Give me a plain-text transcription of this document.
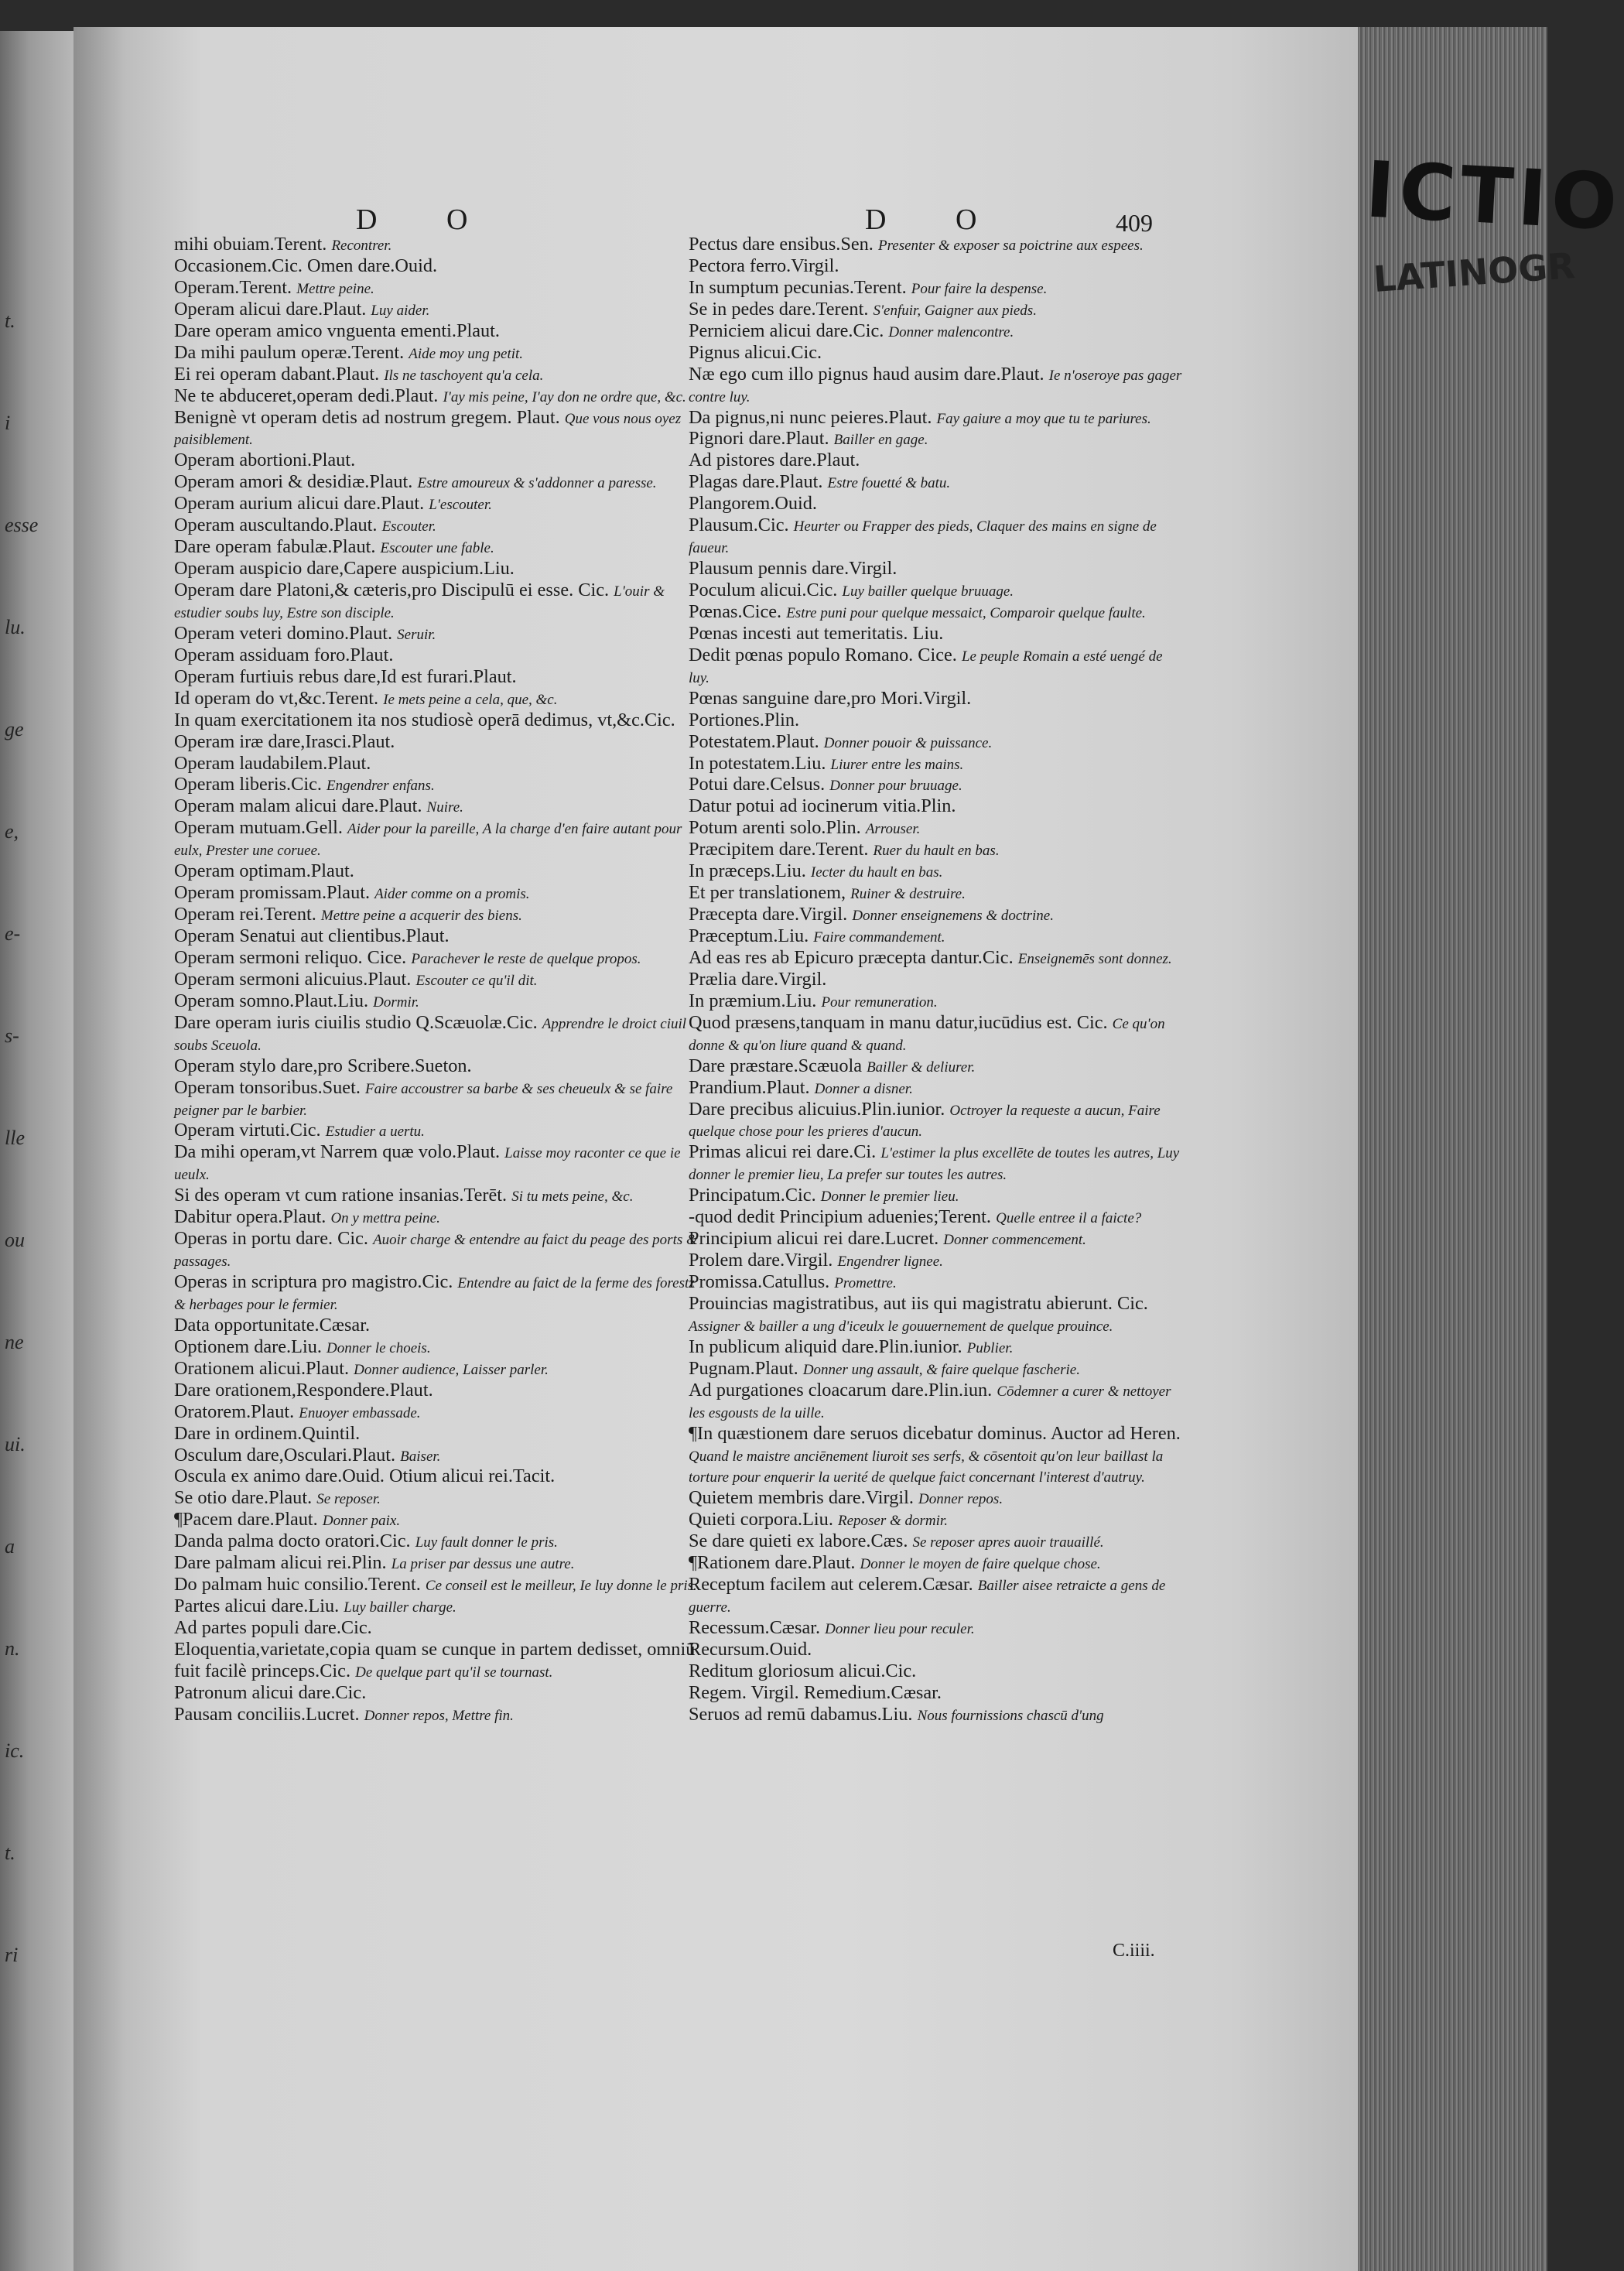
t.
i
esse
lu.
ge
e,
e-
s-
lle
ou
ne
ui.
a
n.
ic.
t.
ri
ICTIO
LATINOGR
D O	D O	409

mihi obuiam.Terent. Recontrer.

Occasionem.Cic. Omen dare.Ouid.

Operam.Terent. Mettre peine.

Operam alicui dare.Plaut. Luy aider.

Dare operam amico vnguenta ementi.Plaut.

Da mihi paulum operæ.Terent. Aide moy ung petit.

Ei rei operam dabant.Plaut. Ils ne taschoyent qu'a cela.

Ne te abduceret,operam dedi.Plaut. I'ay mis peine, I'ay don ne ordre que, &c.

Benignè vt operam detis ad nostrum gregem. Plaut. Que vous nous oyez paisiblement.

Operam abortioni.Plaut.

Operam amori & desidiæ.Plaut. Estre amoureux & s'addonner a paresse.

Operam aurium alicui dare.Plaut. L'escouter.

Operam auscultando.Plaut. Escouter.

Dare operam fabulæ.Plaut. Escouter une fable.

Operam auspicio dare,Capere auspicium.Liu.

Operam dare Platoni,& cæteris,pro Discipulū ei esse. Cic. L'ouir & estudier soubs luy, Estre son disciple.

Operam veteri domino.Plaut. Seruir.

Operam assiduam foro.Plaut.

Operam furtiuis rebus dare,Id est furari.Plaut.

Id operam do vt,&c.Terent. Ie mets peine a cela, que, &c.

In quam exercitationem ita nos studiosè operā dedimus, vt,&c.Cic. Operam iræ dare,Irasci.Plaut.

Operam laudabilem.Plaut.

Operam liberis.Cic. Engendrer enfans.

Operam malam alicui dare.Plaut. Nuire.

Operam mutuam.Gell. Aider pour la pareille, A la charge d'en faire autant pour eulx, Prester une coruee.

Operam optimam.Plaut.

Operam promissam.Plaut. Aider comme on a promis.

Operam rei.Terent. Mettre peine a acquerir des biens.

Operam Senatui aut clientibus.Plaut.

Operam sermoni reliquo. Cice. Parachever le reste de quelque propos.

Operam sermoni alicuius.Plaut. Escouter ce qu'il dit.

Operam somno.Plaut.Liu. Dormir.

Dare operam iuris ciuilis studio Q.Scæuolæ.Cic. Apprendre le droict ciuil soubs Sceuola.

Operam stylo dare,pro Scribere.Sueton.

Operam tonsoribus.Suet. Faire accoustrer sa barbe & ses cheueulx & se faire peigner par le barbier.

Operam virtuti.Cic. Estudier a uertu.

Da mihi operam,vt Narrem quæ volo.Plaut. Laisse moy raconter ce que ie ueulx.

Si des operam vt cum ratione insanias.Terēt. Si tu mets peine, &c.

Dabitur opera.Plaut. On y mettra peine.

Operas in portu dare. Cic. Auoir charge & entendre au faict du peage des ports & passages.

Operas in scriptura pro magistro.Cic. Entendre au faict de la ferme des forestz & herbages pour le fermier.

Data opportunitate.Cæsar.

Optionem dare.Liu. Donner le choeis.

Orationem alicui.Plaut. Donner audience, Laisser parler.

Dare orationem,Respondere.Plaut.

Oratorem.Plaut. Enuoyer embassade.

Dare in ordinem.Quintil.

Osculum dare,Osculari.Plaut. Baiser.

Oscula ex animo dare.Ouid. Otium alicui rei.Tacit.

Se otio dare.Plaut. Se reposer.

¶Pacem dare.Plaut. Donner paix.

Danda palma docto oratori.Cic. Luy fault donner le pris.

Dare palmam alicui rei.Plin. La priser par dessus une autre.

Do palmam huic consilio.Terent. Ce conseil est le meilleur, Ie luy donne le pris.

Partes alicui dare.Liu. Luy bailler charge.

Ad partes populi dare.Cic.

Eloquentia,varietate,copia quam se cunque in partem dedisset, omniū fuit facilè princeps.Cic. De quelque part qu'il se tournast.

Patronum alicui dare.Cic.

Pausam conciliis.Lucret. Donner repos, Mettre fin.

Pectus dare ensibus.Sen. Presenter & exposer sa poictrine aux espees.

Pectora ferro.Virgil.

In sumptum pecunias.Terent. Pour faire la despense.

Se in pedes dare.Terent. S'enfuir, Gaigner aux pieds.

Perniciem alicui dare.Cic. Donner malencontre.

Pignus alicui.Cic.

Næ ego cum illo pignus haud ausim dare.Plaut. Ie n'oseroye pas gager contre luy.

Da pignus,ni nunc peieres.Plaut. Fay gaiure a moy que tu te pariures.

Pignori dare.Plaut. Bailler en gage.

Ad pistores dare.Plaut.

Plagas dare.Plaut. Estre fouetté & batu.

Plangorem.Ouid.

Plausum.Cic. Heurter ou Frapper des pieds, Claquer des mains en signe de faueur.

Plausum pennis dare.Virgil.

Poculum alicui.Cic. Luy bailler quelque bruuage.

Pœnas.Cice. Estre puni pour quelque messaict, Comparoir quelque faulte.

Pœnas incesti aut temeritatis. Liu.

Dedit pœnas populo Romano. Cice. Le peuple Romain a esté uengé de luy.

Pœnas sanguine dare,pro Mori.Virgil.

Portiones.Plin.

Potestatem.Plaut. Donner pouoir & puissance.

In potestatem.Liu. Liurer entre les mains.

Potui dare.Celsus. Donner pour bruuage.

Datur potui ad iocinerum vitia.Plin.

Potum arenti solo.Plin. Arrouser.

Præcipitem dare.Terent. Ruer du hault en bas.

In præceps.Liu. Iecter du hault en bas.

Et per translationem, Ruiner & destruire.

Præcepta dare.Virgil. Donner enseignemens & doctrine.

Præceptum.Liu. Faire commandement.

Ad eas res ab Epicuro præcepta dantur.Cic. Enseignemēs sont donnez.

Prælia dare.Virgil.

In præmium.Liu. Pour remuneration.

Quod præsens,tanquam in manu datur,iucūdius est. Cic. Ce qu'on donne & qu'on liure quand & quand.

Dare præstare.Scæuola Bailler & deliurer.

Prandium.Plaut. Donner a disner.

Dare precibus alicuius.Plin.iunior. Octroyer la requeste a aucun, Faire quelque chose pour les prieres d'aucun.

Primas alicui rei dare.Ci. L'estimer la plus excellēte de toutes les autres, Luy donner le premier lieu, La prefer sur toutes les autres.

Principatum.Cic. Donner le premier lieu.

-quod dedit Principium aduenies;Terent. Quelle entree il a faicte?

Principium alicui rei dare.Lucret. Donner commencement.

Prolem dare.Virgil. Engendrer lignee.

Promissa.Catullus. Promettre.

Prouincias magistratibus, aut iis qui magistratu abierunt. Cic. Assigner & bailler a ung d'iceulx le gouuernement de quelque prouince.

In publicum aliquid dare.Plin.iunior. Publier.

Pugnam.Plaut. Donner ung assault, & faire quelque fascherie.

Ad purgationes cloacarum dare.Plin.iun. Cōdemner a curer & nettoyer les esgousts de la uille.

¶In quæstionem dare seruos dicebatur dominus. Auctor ad Heren. Quand le maistre anciēnement liuroit ses serfs, & cōsentoit qu'on leur baillast la torture pour enquerir la uerité de quelque faict concernant l'interest d'autruy.

Quietem membris dare.Virgil. Donner repos.

Quieti corpora.Liu. Reposer & dormir.

Se dare quieti ex labore.Cæs. Se reposer apres auoir trauaillé.

¶Rationem dare.Plaut. Donner le moyen de faire quelque chose.

Receptum facilem aut celerem.Cæsar. Bailler aisee retraicte a gens de guerre.

Recessum.Cæsar. Donner lieu pour reculer.

Recursum.Ouid.

Reditum gloriosum alicui.Cic.

Regem. Virgil. Remedium.Cæsar.

Seruos ad remū dabamus.Liu. Nous fournissions chascū d'ung

C.iiii.
